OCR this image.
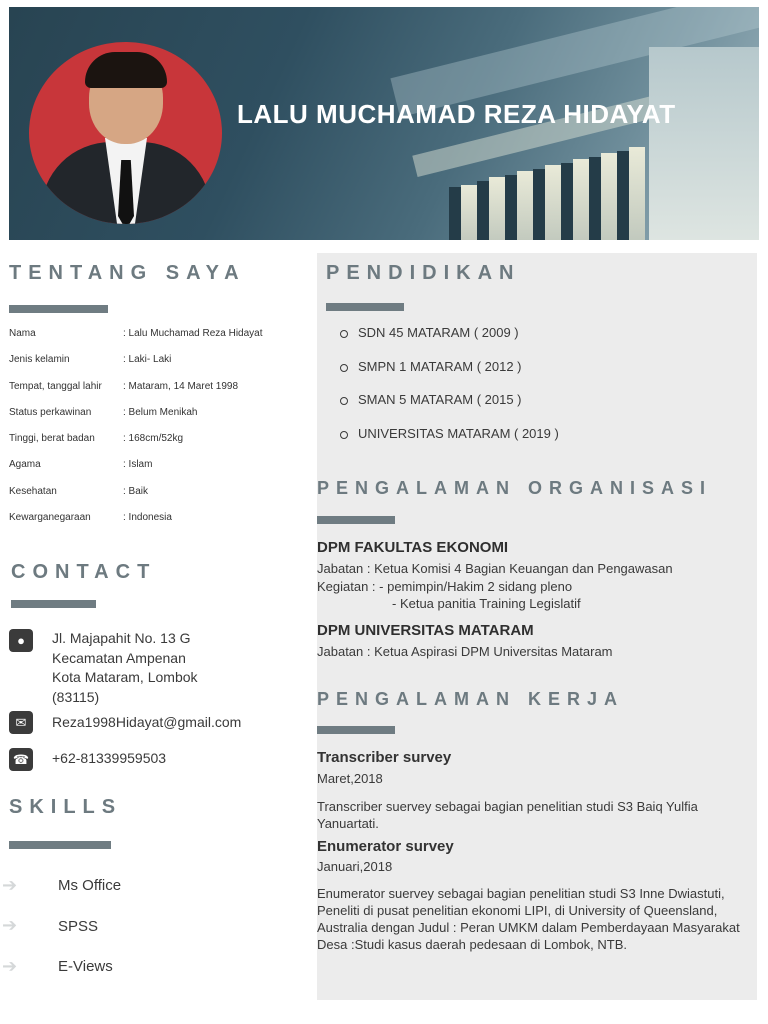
LALU MUCHAMAD REZA HIDAYAT
TENTANG SAYA
Nama	: Lalu Muchamad Reza Hidayat
Jenis kelamin	: Laki- Laki
Tempat, tanggal lahir : Mataram, 14 Maret 1998
Status perkawinan	: Belum Menikah
Tinggi, berat badan	: 168cm/52kg
Agama	: Islam
Kesehatan	: Baik
Kewarganegaraan	: Indonesia
CONTACT
●	Jl. Majapahit No. 13 G
Kecamatan Ampenan
Kota Mataram, Lombok
(83115)
✉	Reza1998Hidayat@gmail.com
☎ +62-81339959503
SKILLS
➔	Ms Office
➔	SPSS
➔	E-Views
PENDIDIKAN
SDN 45 MATARAM ( 2009 )
SMPN 1 MATARAM ( 2012 )
SMAN 5 MATARAM ( 2015 )
UNIVERSITAS MATARAM ( 2019 )
PENGALAMAN ORGANISASI
DPM FAKULTAS EKONOMI
Jabatan : Ketua Komisi 4 Bagian Keuangan dan Pengawasan
Kegiatan : - pemimpin/Hakim 2 sidang pleno
- Ketua panitia Training Legislatif
DPM UNIVERSITAS MATARAM
Jabatan : Ketua Aspirasi DPM Universitas Mataram
PENGALAMAN KERJA
Transcriber survey
Maret,2018
Transcriber suervey sebagai bagian penelitian studi S3 Baiq Yulfia Yanuartati.
Enumerator survey
Januari,2018
Enumerator suervey sebagai bagian penelitian studi S3 Inne Dwiastuti, Peneliti di pusat penelitian ekonomi LIPI, di University of Queensland, Australia dengan Judul : Peran UMKM dalam Pemberdayaan Masyarakat Desa :Studi kasus daerah pedesaan di Lombok, NTB.
